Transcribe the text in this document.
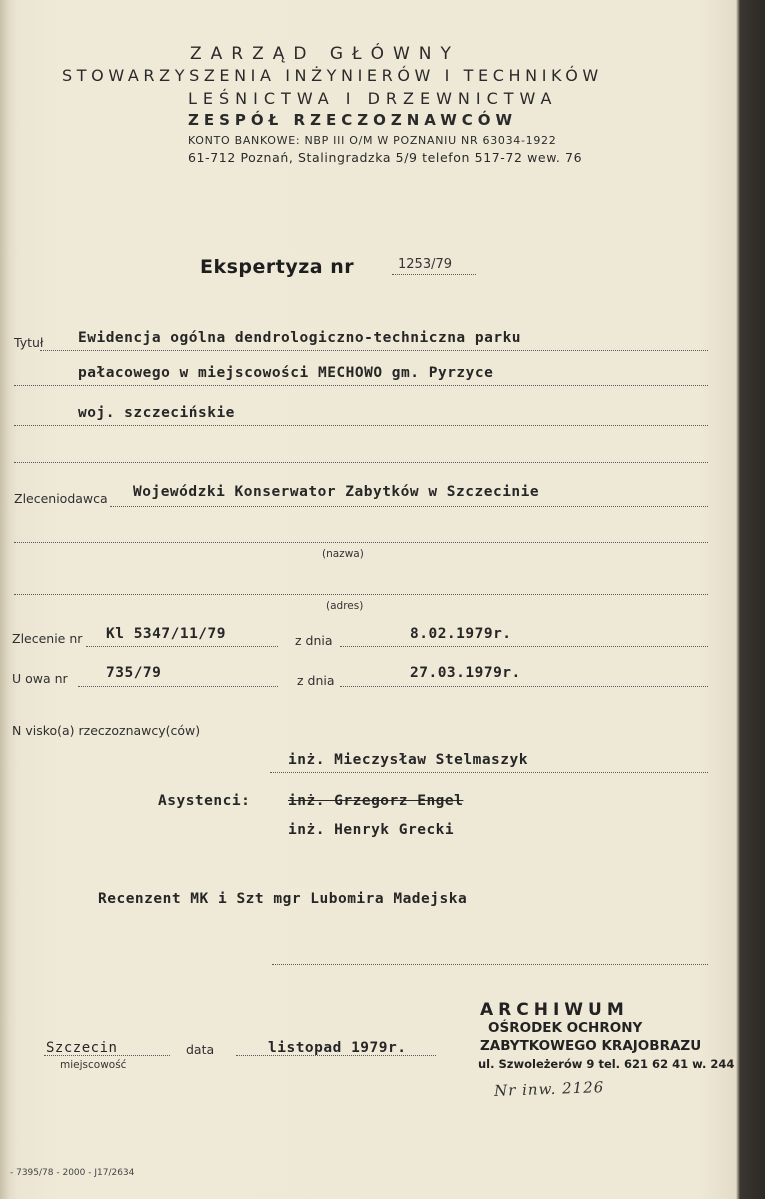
ZARZĄD GŁÓWNY
STOWARZYSZENIA INŻYNIERÓW I TECHNIKÓW
LEŚNICTWA I DRZEWNICTWA
ZESPÓŁ RZECZOZNAWCÓW
KONTO BANKOWE: NBP III O/M W POZNANIU NR 63034-1922
61-712 Poznań, Stalingradzka 5/9 telefon 517-72 wew. 76
Ekspertyza nr	1253/79
Tytuł Ewidencja ogólna dendrologiczno-techniczna parku
pałacowego w miejscowości MECHOWO gm. Pyrzyce
woj. szczecińskie
Zleceniodawca Wojewódzki Konserwator Zabytków w Szczecinie
(nazwa)
(adres)
Zlecenie nr Kl 5347/11/79	z dnia	8.02.1979r.
U owa nr	735/79	z dnia	27.03.1979r.
N visko(a) rzeczoznawcy(ców)
inż. Mieczysław Stelmaszyk
Asystenci:	inż. Grzegorz Engel
inż. Henryk Grecki
Recenzent MK i Szt mgr Lubomira Madejska
Szczecin
miejscowość
data	listopad 1979r.
ARCHIWUM
OŚRODEK OCHRONY
ZABYTKOWEGO KRAJOBRAZU
ul. Szwoleżerów 9 tel. 621 62 41 w. 244
Nr inw. 2126
- 7395/78 - 2000 - J17/2634
